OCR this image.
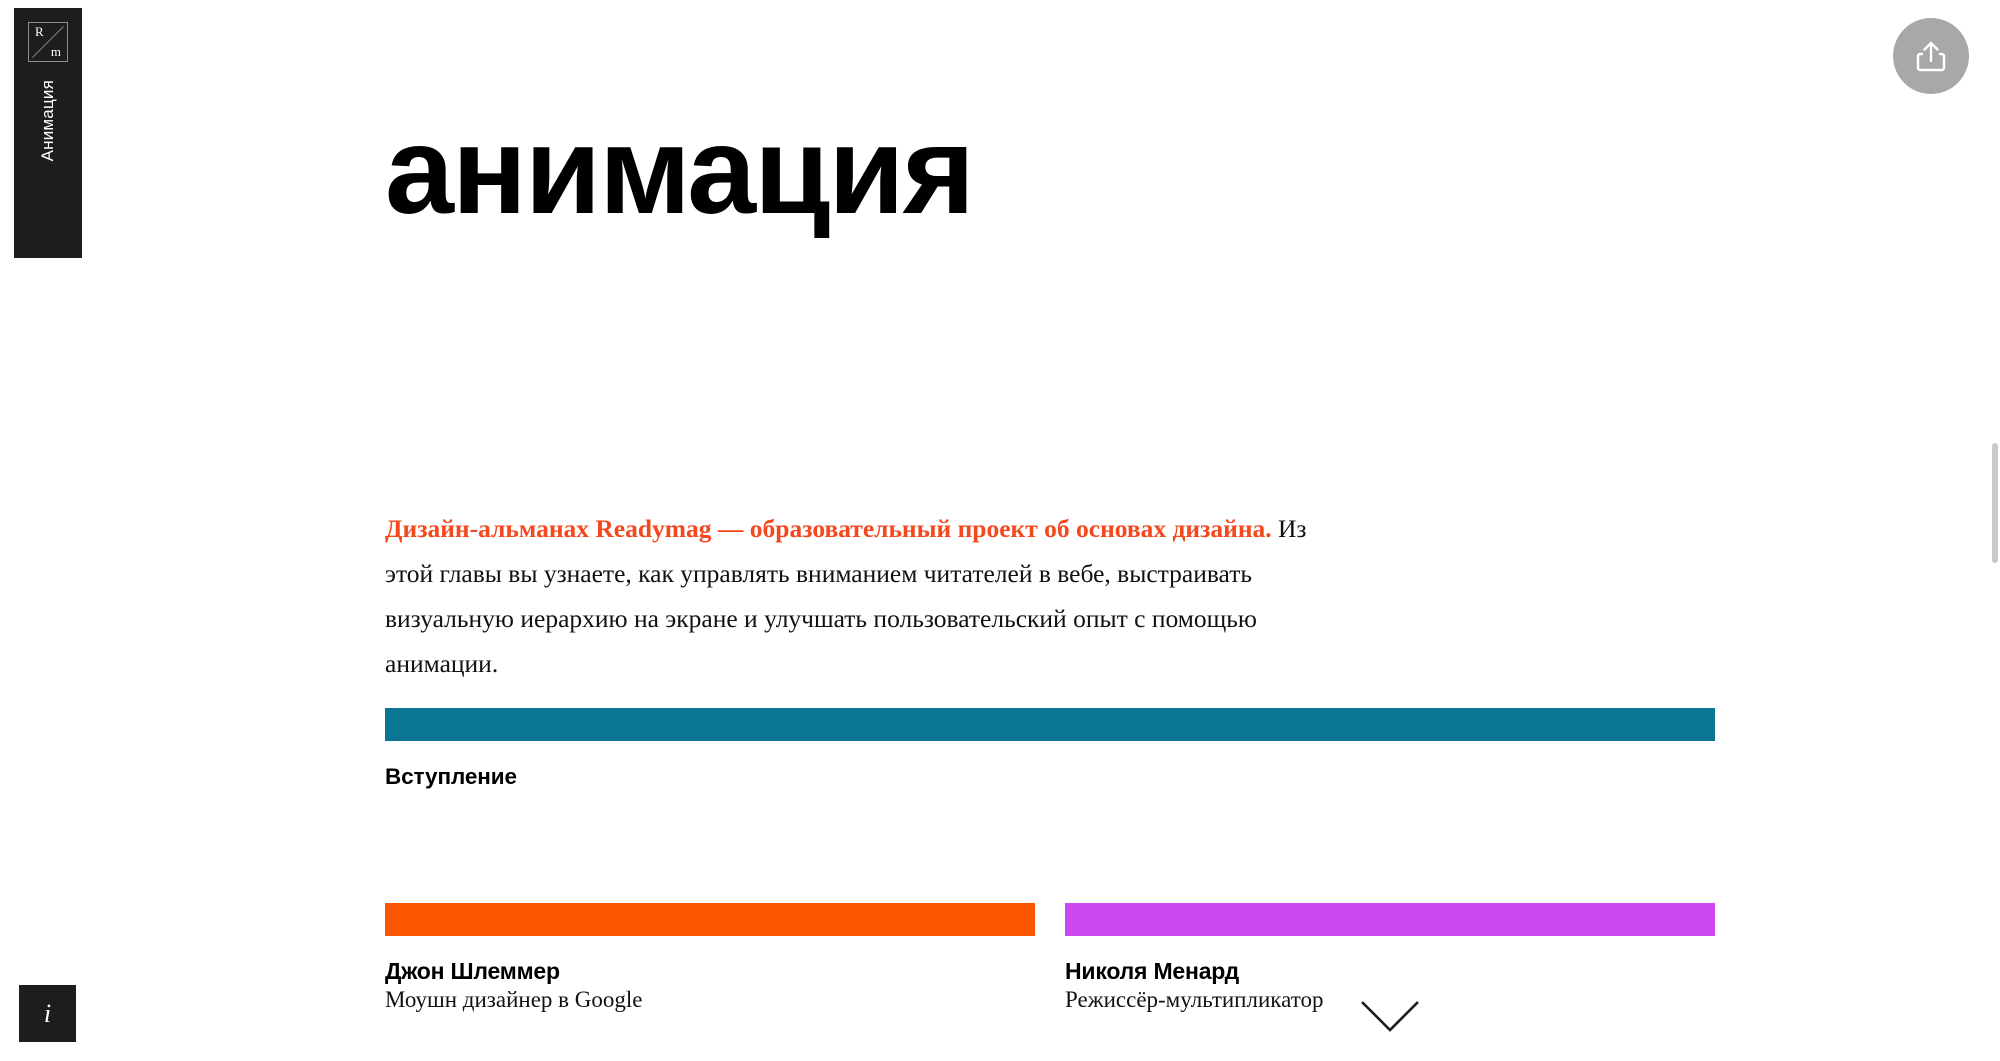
R
m
Анимация
i
анимация

Дизайн-альманах Readymag — образовательный проект об основах дизайна. Из этой главы вы узнаете, как управлять вниманием читателей в вебе, выстраивать визуальную иерархию на экране и улучшать пользовательский опыт с помощью анимации.

Вступление
Джон Шлеммер
Моушн дизайнер в Google
Николя Менард
Режиссёр-мультипликатор
